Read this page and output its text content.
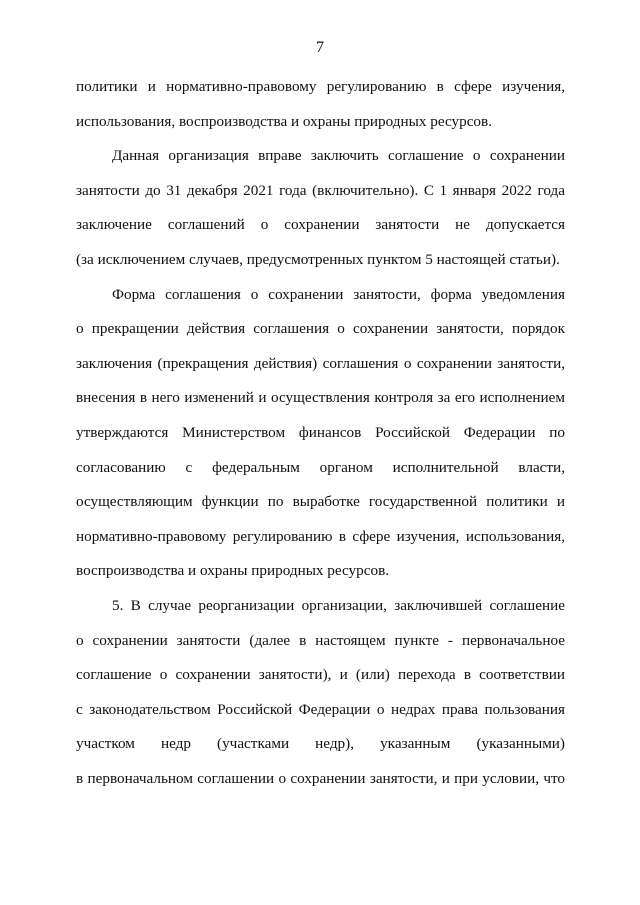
7
политики и нормативно-правовому регулированию в сфере изучения,
использования, воспроизводства и охраны природных ресурсов.
Данная организация вправе заключить соглашение о сохранении
занятости до 31 декабря 2021 года (включительно). С 1 января 2022 года
заключение соглашений о сохранении занятости не допускается
(за исключением случаев, предусмотренных пунктом 5 настоящей статьи).
Форма соглашения о сохранении занятости, форма уведомления
о прекращении действия соглашения о сохранении занятости, порядок
заключения (прекращения действия) соглашения о сохранении занятости,
внесения в него изменений и осуществления контроля за его исполнением
утверждаются Министерством финансов Российской Федерации по
согласованию с федеральным органом исполнительной власти,
осуществляющим функции по выработке государственной политики и
нормативно-правовому регулированию в сфере изучения, использования,
воспроизводства и охраны природных ресурсов.
5. В случае реорганизации организации, заключившей соглашение
о сохранении занятости (далее в настоящем пункте - первоначальное
соглашение о сохранении занятости), и (или) перехода в соответствии
с законодательством Российской Федерации о недрах права пользования
участком недр (участками недр), указанным (указанными)
в первоначальном соглашении о сохранении занятости, и при условии, что
